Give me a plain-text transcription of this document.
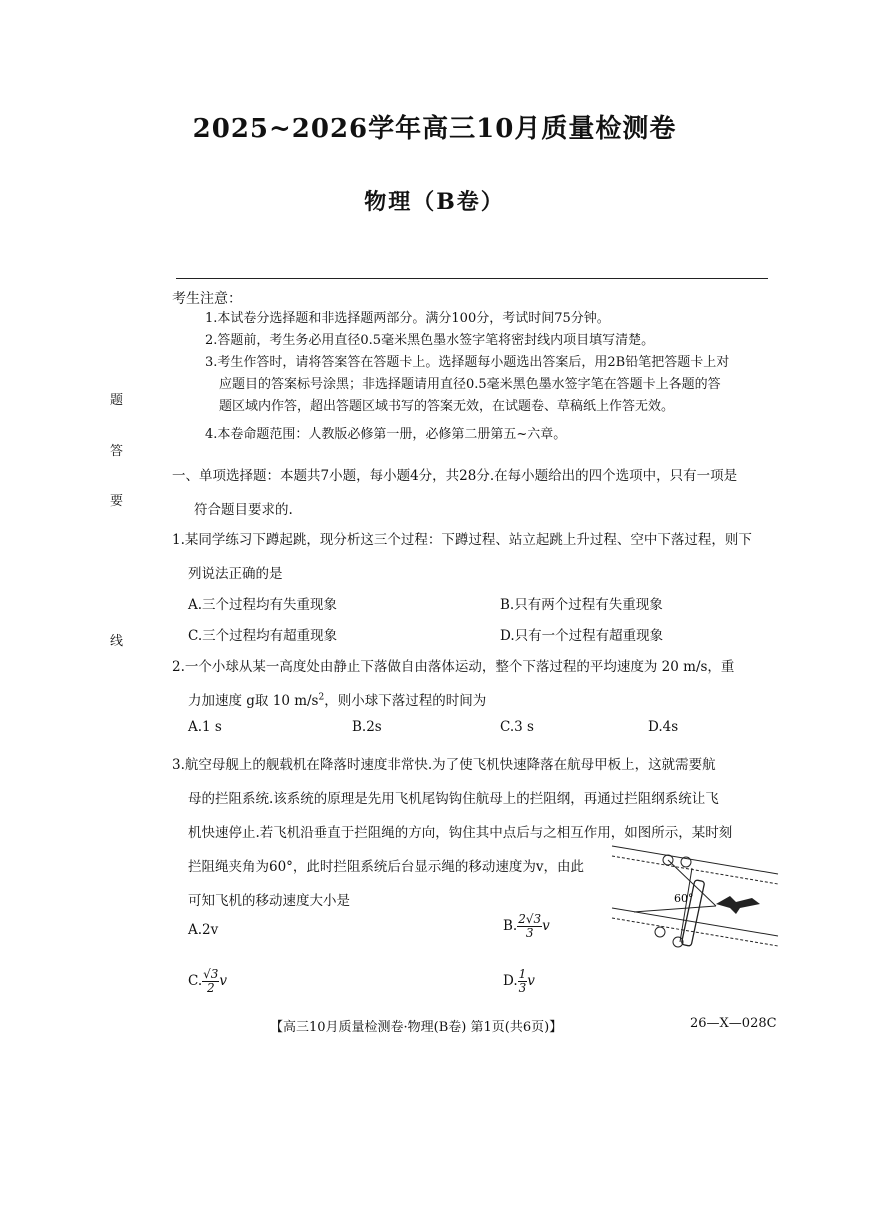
2025~2026学年高三10月质量检测卷
物理（B卷）
题
答
要
线
考生注意：
1.本试卷分选择题和非选择题两部分。满分100分，考试时间75分钟。
2.答题前，考生务必用直径0.5毫米黑色墨水签字笔将密封线内项目填写清楚。
3.考生作答时，请将答案答在答题卡上。选择题每小题选出答案后，用2B铅笔把答题卡上对
应题目的答案标号涂黑；非选择题请用直径0.5毫米黑色墨水签字笔在答题卡上各题的答
题区域内作答，超出答题区域书写的答案无效，在试题卷、草稿纸上作答无效。
4.本卷命题范围：人教版必修第一册，必修第二册第五~六章。
一、单项选择题：本题共7小题，每小题4分，共28分.在每小题给出的四个选项中，只有一项是
符合题目要求的.
1.某同学练习下蹲起跳，现分析这三个过程：下蹲过程、站立起跳上升过程、空中下落过程，则下
列说法正确的是
A.三个过程均有失重现象	B.只有两个过程有失重现象
C.三个过程均有超重现象	D.只有一个过程有超重现象
2.一个小球从某一高度处由静止下落做自由落体运动，整个下落过程的平均速度为 20 m/s，重
力加速度 g取 10 $m/s^2$，则小球下落过程的时间为
A.1 s	B.2s	C.3 s	D.4s
3.航空母舰上的舰载机在降落时速度非常快.为了使飞机快速降落在航母甲板上，这就需要航
母的拦阻系统.该系统的原理是先用飞机尾钩钩住航母上的拦阻纲，再通过拦阻纲系统让飞
机快速停止.若飞机沿垂直于拦阻绳的方向，钩住其中点后与之相互作用，如图所示，某时刻
拦阻绳夹角为60°，此时拦阻系统后台显示绳的移动速度为v，由此
可知飞机的移动速度大小是	60°
A.2v	B. $\frac{2√3}{3}$ v
C. $\frac{√3}{2}$ v	D. $\frac{1}{3}$ v
【高三10月质量检测卷·物理(B卷) 第1页(共6页)】	26—X—028C
